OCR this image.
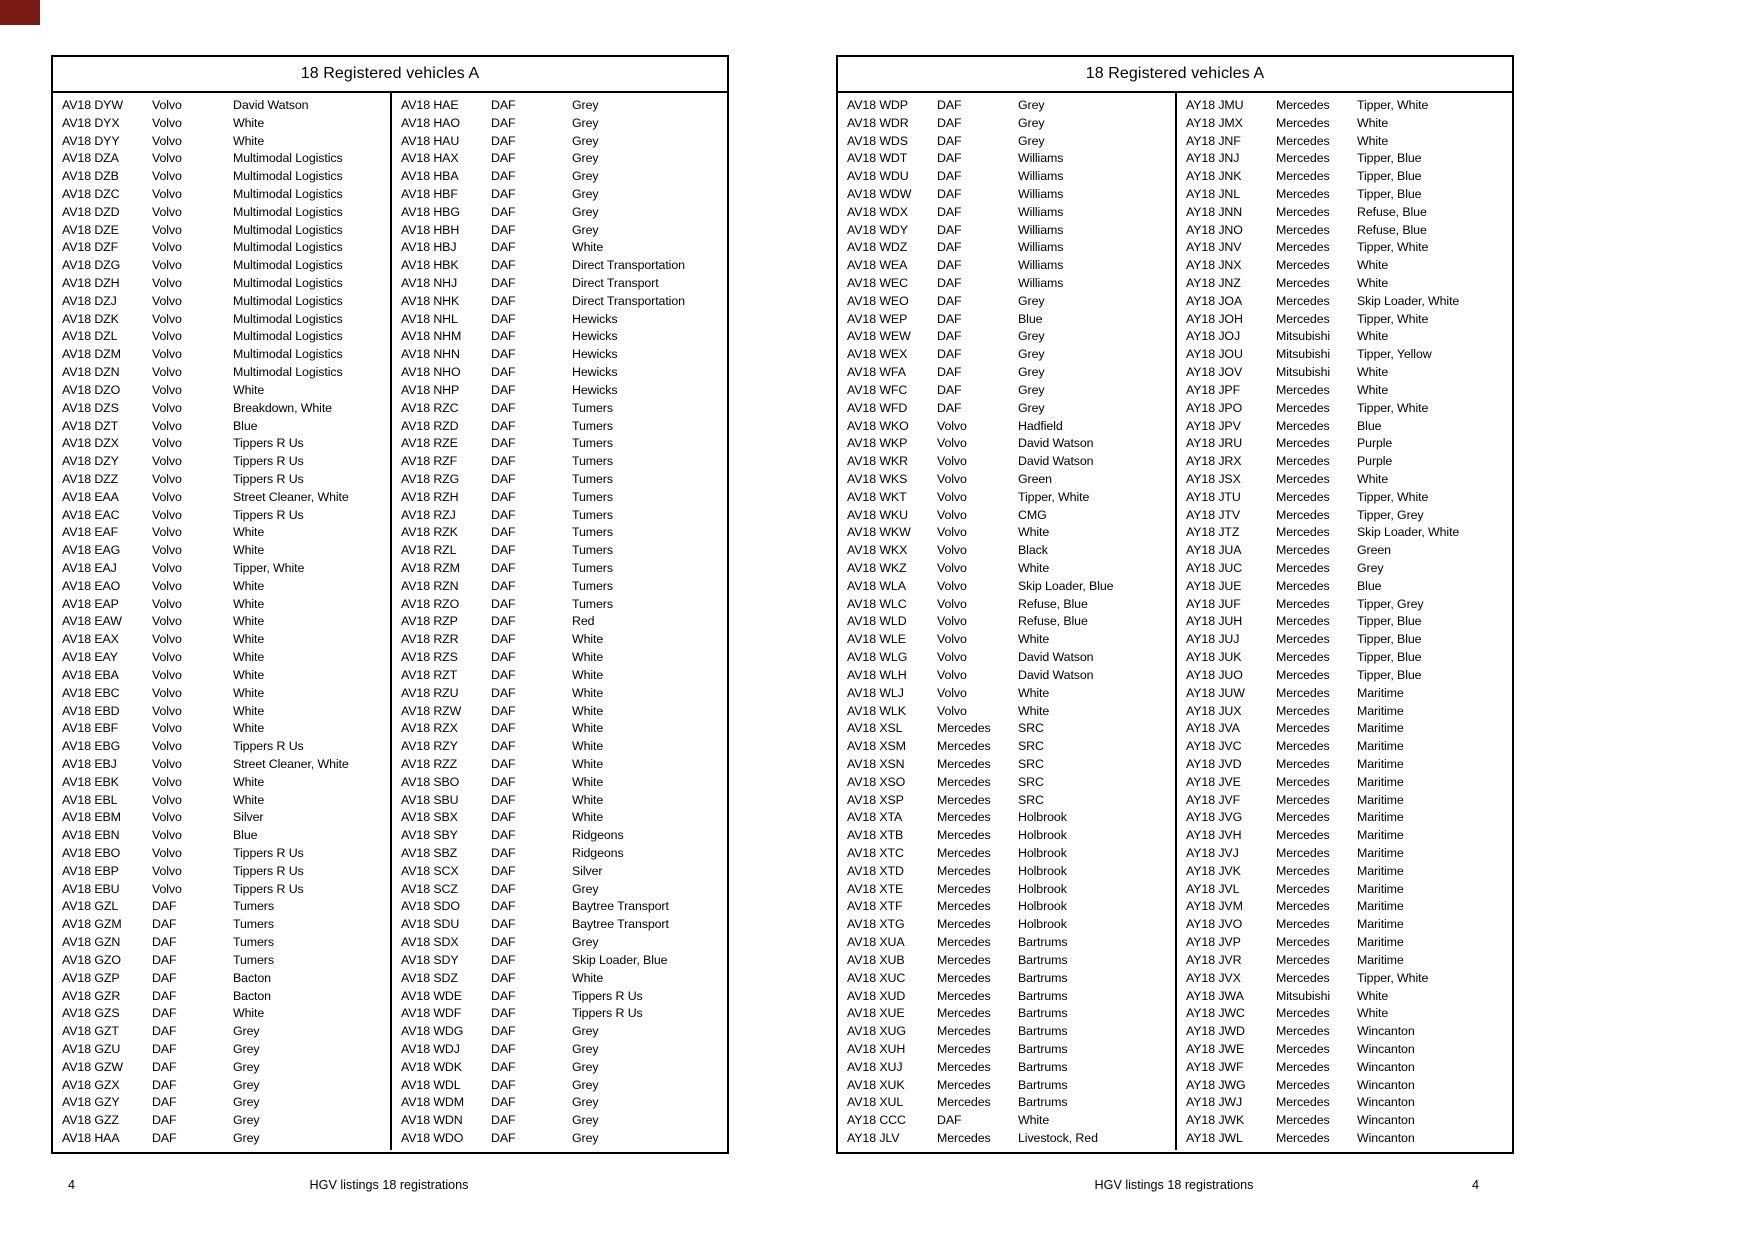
18 Registered vehicles A
AV18 DYW	Volvo	David Watson
AV18 DYX	Volvo	White
AV18 DYY	Volvo	White
AV18 DZA	Volvo	Multimodal Logistics
AV18 DZB	Volvo	Multimodal Logistics
AV18 DZC	Volvo	Multimodal Logistics
AV18 DZD	Volvo	Multimodal Logistics
AV18 DZE	Volvo	Multimodal Logistics
AV18 DZF	Volvo	Multimodal Logistics
AV18 DZG	Volvo	Multimodal Logistics
AV18 DZH	Volvo	Multimodal Logistics
AV18 DZJ	Volvo	Multimodal Logistics
AV18 DZK	Volvo	Multimodal Logistics
AV18 DZL	Volvo	Multimodal Logistics
AV18 DZM	Volvo	Multimodal Logistics
AV18 DZN	Volvo	Multimodal Logistics
AV18 DZO	Volvo	White
AV18 DZS	Volvo	Breakdown, White
AV18 DZT	Volvo	Blue
AV18 DZX	Volvo	Tippers R Us
AV18 DZY	Volvo	Tippers R Us
AV18 DZZ	Volvo	Tippers R Us
AV18 EAA	Volvo	Street Cleaner, White
AV18 EAC	Volvo	Tippers R Us
AV18 EAF	Volvo	White
AV18 EAG	Volvo	White
AV18 EAJ	Volvo	Tipper, White
AV18 EAO	Volvo	White
AV18 EAP	Volvo	White
AV18 EAW	Volvo	White
AV18 EAX	Volvo	White
AV18 EAY	Volvo	White
AV18 EBA	Volvo	White
AV18 EBC	Volvo	White
AV18 EBD	Volvo	White
AV18 EBF	Volvo	White
AV18 EBG	Volvo	Tippers R Us
AV18 EBJ	Volvo	Street Cleaner, White
AV18 EBK	Volvo	White
AV18 EBL	Volvo	White
AV18 EBM	Volvo	Silver
AV18 EBN	Volvo	Blue
AV18 EBO	Volvo	Tippers R Us
AV18 EBP	Volvo	Tippers R Us
AV18 EBU	Volvo	Tippers R Us
AV18 GZL	DAF	Tumers
AV18 GZM	DAF	Tumers
AV18 GZN	DAF	Tumers
AV18 GZO	DAF	Tumers
AV18 GZP	DAF	Bacton
AV18 GZR	DAF	Bacton
AV18 GZS	DAF	White
AV18 GZT	DAF	Grey
AV18 GZU	DAF	Grey
AV18 GZW	DAF	Grey
AV18 GZX	DAF	Grey
AV18 GZY	DAF	Grey
AV18 GZZ	DAF	Grey
AV18 HAA	DAF	Grey
AV18 HAE	DAF	Grey
AV18 HAO	DAF	Grey
AV18 HAU	DAF	Grey
AV18 HAX	DAF	Grey
AV18 HBA	DAF	Grey
AV18 HBF	DAF	Grey
AV18 HBG	DAF	Grey
AV18 HBH	DAF	Grey
AV18 HBJ	DAF	White
AV18 HBK	DAF	Direct Transportation
AV18 NHJ	DAF	Direct Transport
AV18 NHK	DAF	Direct Transportation
AV18 NHL	DAF	Hewicks
AV18 NHM	DAF	Hewicks
AV18 NHN	DAF	Hewicks
AV18 NHO	DAF	Hewicks
AV18 NHP	DAF	Hewicks
AV18 RZC	DAF	Tumers
AV18 RZD	DAF	Tumers
AV18 RZE	DAF	Tumers
AV18 RZF	DAF	Tumers
AV18 RZG	DAF	Tumers
AV18 RZH	DAF	Tumers
AV18 RZJ	DAF	Tumers
AV18 RZK	DAF	Tumers
AV18 RZL	DAF	Tumers
AV18 RZM	DAF	Tumers
AV18 RZN	DAF	Tumers
AV18 RZO	DAF	Tumers
AV18 RZP	DAF	Red
AV18 RZR	DAF	White
AV18 RZS	DAF	White
AV18 RZT	DAF	White
AV18 RZU	DAF	White
AV18 RZW	DAF	White
AV18 RZX	DAF	White
AV18 RZY	DAF	White
AV18 RZZ	DAF	White
AV18 SBO	DAF	White
AV18 SBU	DAF	White
AV18 SBX	DAF	White
AV18 SBY	DAF	Ridgeons
AV18 SBZ	DAF	Ridgeons
AV18 SCX	DAF	Silver
AV18 SCZ	DAF	Grey
AV18 SDO	DAF	Baytree Transport
AV18 SDU	DAF	Baytree Transport
AV18 SDX	DAF	Grey
AV18 SDY	DAF	Skip Loader, Blue
AV18 SDZ	DAF	White
AV18 WDE	DAF	Tippers R Us
AV18 WDF	DAF	Tippers R Us
AV18 WDG	DAF	Grey
AV18 WDJ	DAF	Grey
AV18 WDK	DAF	Grey
AV18 WDL	DAF	Grey
AV18 WDM	DAF	Grey
AV18 WDN	DAF	Grey
AV18 WDO	DAF	Grey
18 Registered vehicles A
AV18 WDP	DAF	Grey
AV18 WDR	DAF	Grey
AV18 WDS	DAF	Grey
AV18 WDT	DAF	Williams
AV18 WDU	DAF	Williams
AV18 WDW	DAF	Williams
AV18 WDX	DAF	Williams
AV18 WDY	DAF	Williams
AV18 WDZ	DAF	Williams
AV18 WEA	DAF	Williams
AV18 WEC	DAF	Williams
AV18 WEO	DAF	Grey
AV18 WEP	DAF	Blue
AV18 WEW	DAF	Grey
AV18 WEX	DAF	Grey
AV18 WFA	DAF	Grey
AV18 WFC	DAF	Grey
AV18 WFD	DAF	Grey
AV18 WKO	Volvo	Hadfield
AV18 WKP	Volvo	David Watson
AV18 WKR	Volvo	David Watson
AV18 WKS	Volvo	Green
AV18 WKT	Volvo	Tipper, White
AV18 WKU	Volvo	CMG
AV18 WKW	Volvo	White
AV18 WKX	Volvo	Black
AV18 WKZ	Volvo	White
AV18 WLA	Volvo	Skip Loader, Blue
AV18 WLC	Volvo	Refuse, Blue
AV18 WLD	Volvo	Refuse, Blue
AV18 WLE	Volvo	White
AV18 WLG	Volvo	David Watson
AV18 WLH	Volvo	David Watson
AV18 WLJ	Volvo	White
AV18 WLK	Volvo	White
AV18 XSL	Mercedes	SRC
AV18 XSM	Mercedes	SRC
AV18 XSN	Mercedes	SRC
AV18 XSO	Mercedes	SRC
AV18 XSP	Mercedes	SRC
AV18 XTA	Mercedes	Holbrook
AV18 XTB	Mercedes	Holbrook
AV18 XTC	Mercedes	Holbrook
AV18 XTD	Mercedes	Holbrook
AV18 XTE	Mercedes	Holbrook
AV18 XTF	Mercedes	Holbrook
AV18 XTG	Mercedes	Holbrook
AV18 XUA	Mercedes	Bartrums
AV18 XUB	Mercedes	Bartrums
AV18 XUC	Mercedes	Bartrums
AV18 XUD	Mercedes	Bartrums
AV18 XUE	Mercedes	Bartrums
AV18 XUG	Mercedes	Bartrums
AV18 XUH	Mercedes	Bartrums
AV18 XUJ	Mercedes	Bartrums
AV18 XUK	Mercedes	Bartrums
AV18 XUL	Mercedes	Bartrums
AY18 CCC	DAF	White
AY18 JLV	Mercedes	Livestock, Red
AY18 JMU	Mercedes	Tipper, White
AY18 JMX	Mercedes	White
AY18 JNF	Mercedes	White
AY18 JNJ	Mercedes	Tipper, Blue
AY18 JNK	Mercedes	Tipper, Blue
AY18 JNL	Mercedes	Tipper, Blue
AY18 JNN	Mercedes	Refuse, Blue
AY18 JNO	Mercedes	Refuse, Blue
AY18 JNV	Mercedes	Tipper, White
AY18 JNX	Mercedes	White
AY18 JNZ	Mercedes	White
AY18 JOA	Mercedes	Skip Loader, White
AY18 JOH	Mercedes	Tipper, White
AY18 JOJ	Mitsubishi	White
AY18 JOU	Mitsubishi	Tipper, Yellow
AY18 JOV	Mitsubishi	White
AY18 JPF	Mercedes	White
AY18 JPO	Mercedes	Tipper, White
AY18 JPV	Mercedes	Blue
AY18 JRU	Mercedes	Purple
AY18 JRX	Mercedes	Purple
AY18 JSX	Mercedes	White
AY18 JTU	Mercedes	Tipper, White
AY18 JTV	Mercedes	Tipper, Grey
AY18 JTZ	Mercedes	Skip Loader, White
AY18 JUA	Mercedes	Green
AY18 JUC	Mercedes	Grey
AY18 JUE	Mercedes	Blue
AY18 JUF	Mercedes	Tipper, Grey
AY18 JUH	Mercedes	Tipper, Blue
AY18 JUJ	Mercedes	Tipper, Blue
AY18 JUK	Mercedes	Tipper, Blue
AY18 JUO	Mercedes	Tipper, Blue
AY18 JUW	Mercedes	Maritime
AY18 JUX	Mercedes	Maritime
AY18 JVA	Mercedes	Maritime
AY18 JVC	Mercedes	Maritime
AY18 JVD	Mercedes	Maritime
AY18 JVE	Mercedes	Maritime
AY18 JVF	Mercedes	Maritime
AY18 JVG	Mercedes	Maritime
AY18 JVH	Mercedes	Maritime
AY18 JVJ	Mercedes	Maritime
AY18 JVK	Mercedes	Maritime
AY18 JVL	Mercedes	Maritime
AY18 JVM	Mercedes	Maritime
AY18 JVO	Mercedes	Maritime
AY18 JVP	Mercedes	Maritime
AY18 JVR	Mercedes	Maritime
AY18 JVX	Mercedes	Tipper, White
AY18 JWA	Mitsubishi	White
AY18 JWC	Mercedes	White
AY18 JWD	Mercedes	Wincanton
AY18 JWE	Mercedes	Wincanton
AY18 JWF	Mercedes	Wincanton
AY18 JWG	Mercedes	Wincanton
AY18 JWJ	Mercedes	Wincanton
AY18 JWK	Mercedes	Wincanton
AY18 JWL	Mercedes	Wincanton
4	HGV listings 18 registrations	HGV listings 18 registrations	4
